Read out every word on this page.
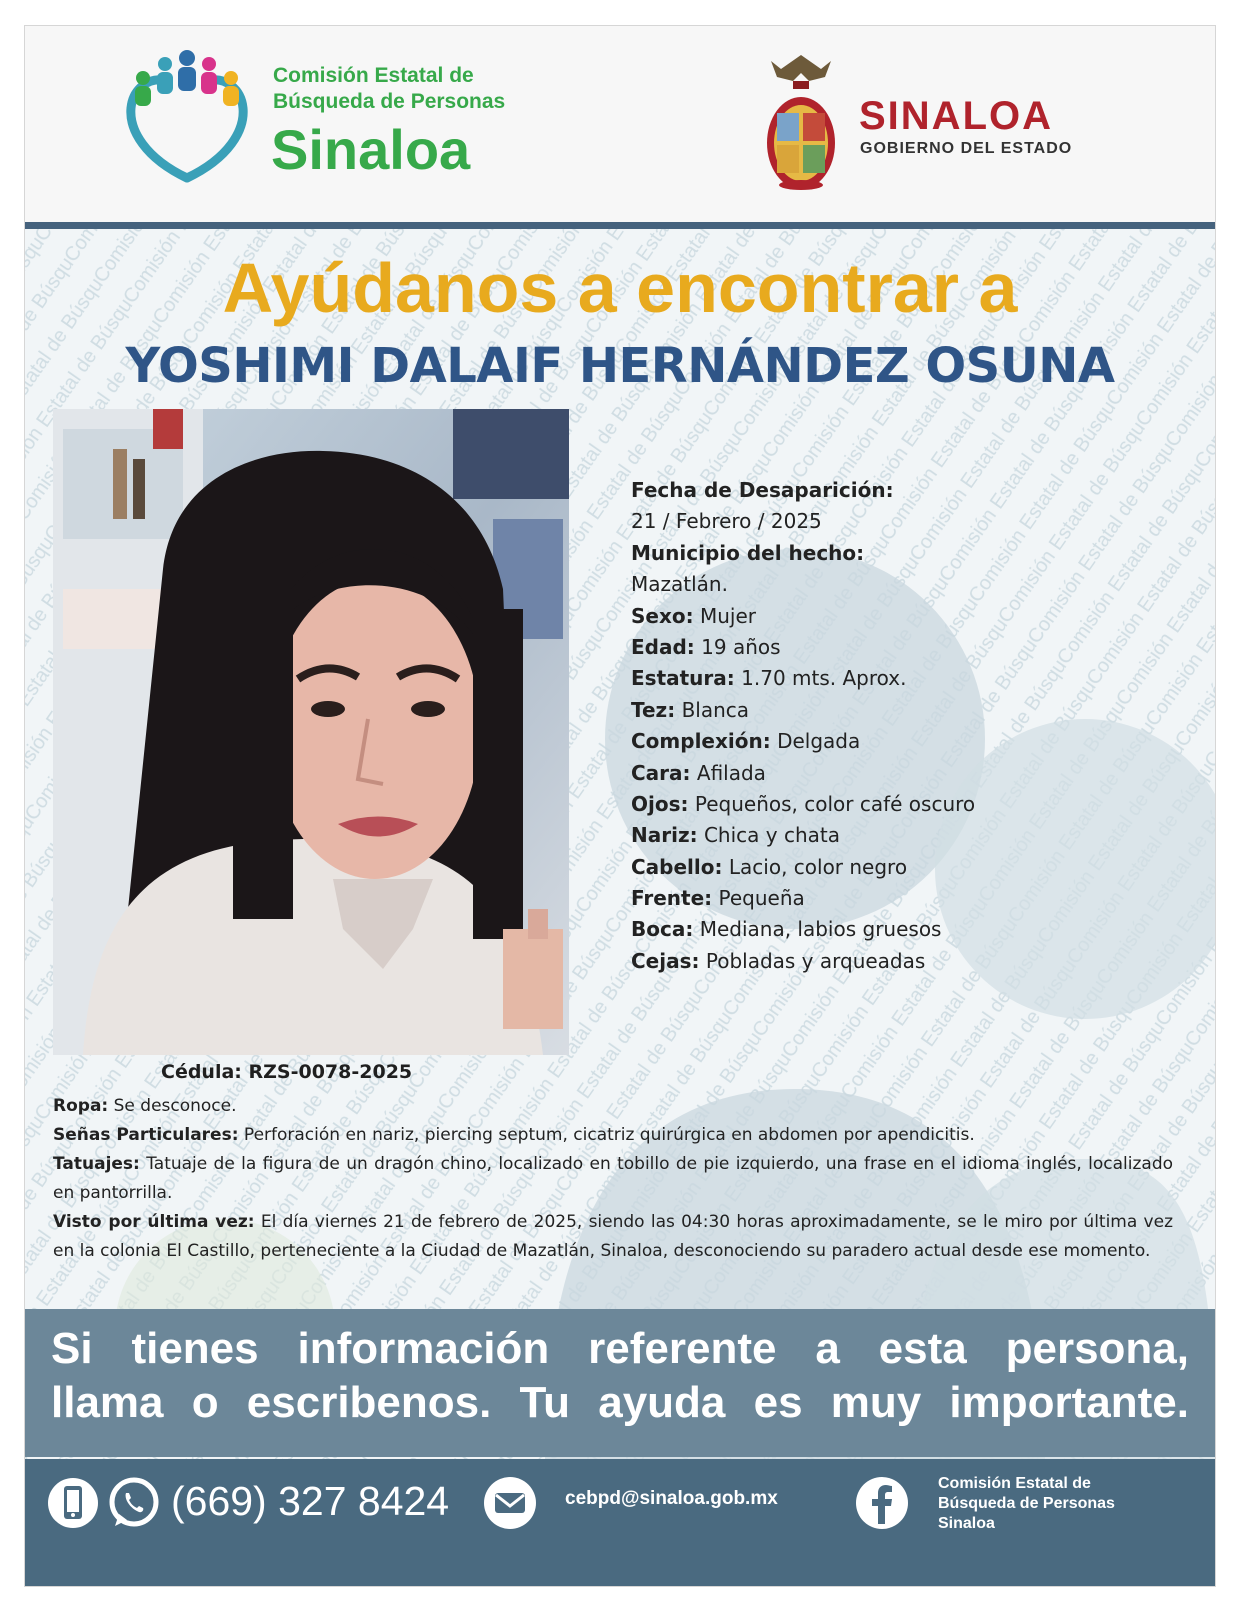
Comisión Estatal de
Búsqueda de Personas
Sinaloa
SINALOA
GOBIERNO DEL ESTADO
Ayúdanos a encontrar a
YOSHIMI DALAIF HERNÁNDEZ OSUNA
Fecha de Desaparición:
21 / Febrero / 2025
Municipio del hecho:
Mazatlán.
Sexo: Mujer
Edad: 19 años
Estatura: 1.70 mts. Aprox.
Tez: Blanca
Complexión: Delgada
Cara: Afilada
Ojos: Pequeños, color café oscuro
Nariz: Chica y chata
Cabello: Lacio, color negro
Frente: Pequeña
Boca: Mediana, labios gruesos
Cejas: Pobladas y arqueadas
Cédula: RZS-0078-2025

Ropa: Se desconoce.

Señas Particulares: Perforación en nariz, piercing septum, cicatriz quirúrgica en abdomen por apendicitis.

Tatuajes: Tatuaje de la figura de un dragón chino, localizado en tobillo de pie izquierdo, una frase en el idioma inglés, localizado en pantorrilla.

Visto por última vez: El día viernes 21 de febrero de 2025, siendo las 04:30 horas aproximadamente, se le miro por última vez en la colonia El Castillo, perteneciente a la Ciudad de Mazatlán, Sinaloa, desconociendo su paradero actual desde ese momento.

Si tienes información referente a esta persona,
llama o escribenos. Tu ayuda es muy importante.
(669) 327 8424	cebpd@sinaloa.gob.mx
Comisión Estatal de
Búsqueda de Personas
Sinaloa
